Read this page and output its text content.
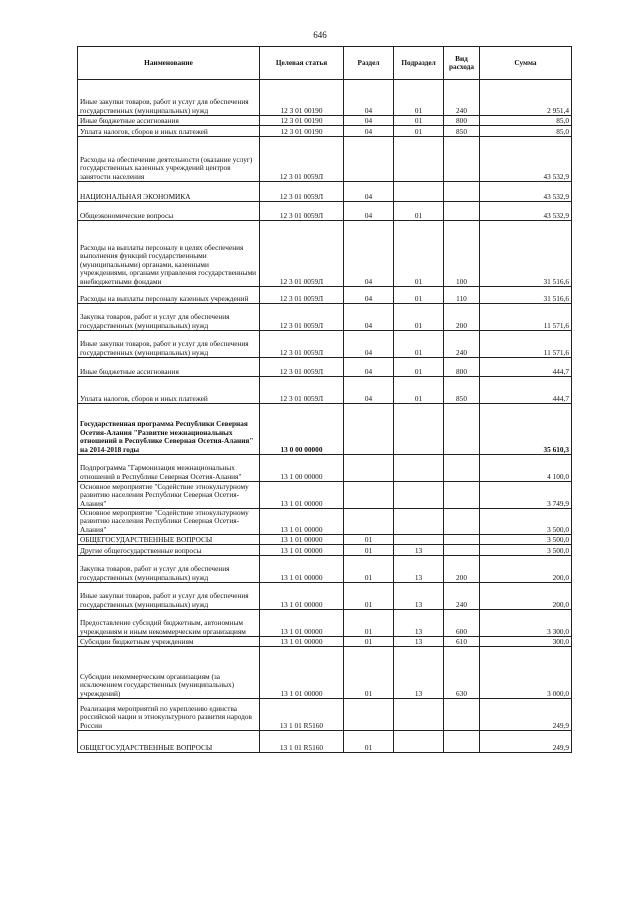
646
Наименование	Целевая статья	Раздел	Подраздел	Вид расхода	Сумма
Иные закупки товаров, работ и услуг для обеспечения государственных (муниципальных) нужд	12 3 01 00190	04	01	240	2 951,4
Иные бюджетные ассигнования	12 3 01 00190	04	01	800	85,0
Уплата налогов, сборов и иных платежей	12 3 01 00190	04	01	850	85,0
Расходы на обеспечение деятельности (оказание услуг) государственных казенных учреждений центров занятости населения	12 3 01 0059Л				43 532,9
НАЦИОНАЛЬНАЯ ЭКОНОМИКА	12 3 01 0059Л	04			43 532,9
Общеэкономические вопросы	12 3 01 0059Л	04	01		43 532,9
Расходы на выплаты персоналу в целях обеспечения выполнения функций государственными (муниципальными) органами, казенными учреждениями, органами управления государственными внебюджетными фондами	12 3 01 0059Л	04	01	100	31 516,6
Расходы на выплаты персоналу казенных учреждений	12 3 01 0059Л	04	01	110	31 516,6
Закупка товаров, работ и услуг для обеспечения государственных (муниципальных) нужд	12 3 01 0059Л	04	01	200	11 571,6
Иные закупки товаров, работ и услуг для обеспечения государственных (муниципальных) нужд	12 3 01 0059Л	04	01	240	11 571,6
Иные бюджетные ассигнования	12 3 01 0059Л	04	01	800	444,7
Уплата налогов, сборов и иных платежей	12 3 01 0059Л	04	01	850	444,7
Государственная программа Республики Северная Осетия-Алания "Развитие межнациональных отношений в Республике Северная Осетия-Алания" на 2014-2018 годы	13 0 00 00000				35 610,3
Подпрограмма "Гармонизация межнациональных отношений в Республике Северная Осетия-Алания"	13 1 00 00000				4 100,0
Основное мероприятие "Содействие этнокультурному развитию населения Республики Северная Осетия-Алания"	13 1 01 00000				3 749,9
Основное мероприятие "Содействие этнокультурному развитию населения Республики Северная Осетия-Алания"	13 1 01 00000				3 500,0
ОБЩЕГОСУДАРСТВЕННЫЕ ВОПРОСЫ	13 1 01 00000	01			3 500,0
Другие общегосударственные вопросы	13 1 01 00000	01	13		3 500,0
Закупка товаров, работ и услуг для обеспечения государственных (муниципальных) нужд	13 1 01 00000	01	13	200	200,0
Иные закупки товаров, работ и услуг для обеспечения государственных (муниципальных) нужд	13 1 01 00000	01	13	240	200,0
Предоставление субсидий бюджетным, автономным учреждениям и иным некоммерческим организациям	13 1 01 00000	01	13	600	3 300,0
Субсидии бюджетным учреждениям	13 1 01 00000	01	13	610	300,0
Субсидии некоммерческим организациям (за исключением государственных (муниципальных) учреждений)	13 1 01 00000	01	13	630	3 000,0
Реализация мероприятий по укреплению единства российской нации и этнокультурного развития народов России	13 1 01 R5160				249,9
ОБЩЕГОСУДАРСТВЕННЫЕ ВОПРОСЫ	13 1 01 R5160	01			249,9
